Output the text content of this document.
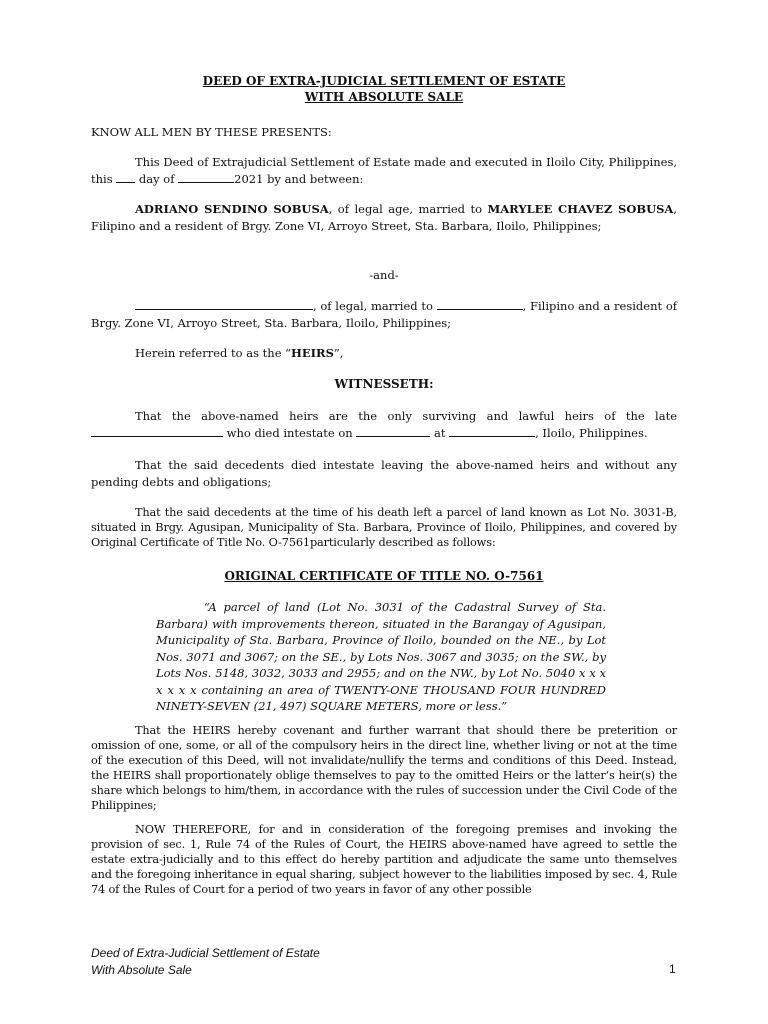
DEED OF EXTRA-JUDICIAL SETTLEMENT OF ESTATE
WITH ABSOLUTE SALE
KNOW ALL MEN BY THESE PRESENTS:
This Deed of Extrajudicial Settlement of Estate made and executed in Iloilo City, Philippines, this  day of	2021 by and between:
ADRIANO SENDINO SOBUSA, of legal age, married to MARYLEE CHAVEZ SOBUSA, Filipino and a resident of Brgy. Zone VI, Arroyo Street, Sta. Barbara, Iloilo, Philippines;
-and-
, of legal, married to	, Filipino and a resident of Brgy. Zone VI, Arroyo Street, Sta. Barbara, Iloilo, Philippines;
Herein referred to as the “HEIRS”,
WITNESSETH:
That the above-named heirs are the only surviving and lawful heirs of the late  who died intestate on	at	, Iloilo, Philippines.
That the said decedents died intestate leaving the above-named heirs and without any pending debts and obligations;
That the said decedents at the time of his death left a parcel of land known as Lot No. 3031-B, situated in Brgy. Agusipan, Municipality of Sta. Barbara, Province of Iloilo, Philippines, and covered by Original Certificate of Title No. O-7561particularly described as follows:
ORIGINAL CERTIFICATE OF TITLE NO. O-7561
“A parcel of land (Lot No. 3031 of the Cadastral Survey of Sta. Barbara) with improvements thereon, situated in the Barangay of Agusipan, Municipality of Sta. Barbara, Province of Iloilo, bounded on the NE., by Lot Nos. 3071 and 3067; on the SE., by Lots Nos. 3067 and 3035; on the SW., by Lots Nos. 5148, 3032, 3033 and 2955; and on the NW., by Lot No. 5040 x x x x x x x containing an area of TWENTY-ONE THOUSAND FOUR HUNDRED NINETY-SEVEN (21, 497) SQUARE METERS, more or less.”
That the HEIRS hereby covenant and further warrant that should there be preterition or omission of one, some, or all of the compulsory heirs in the direct line, whether living or not at the time of the execution of this Deed, will not invalidate/nullify the terms and conditions of this Deed. Instead, the HEIRS shall proportionately oblige themselves to pay to the omitted Heirs or the latter’s heir(s) the share which belongs to him/them, in accordance with the rules of succession under the Civil Code of the Philippines;
NOW THEREFORE, for and in consideration of the foregoing premises and invoking the provision of sec. 1, Rule 74 of the Rules of Court, the HEIRS above-named have agreed to settle the estate extra-judicially and to this effect do hereby partition and adjudicate the same unto themselves and the foregoing inheritance in equal sharing, subject however to the liabilities imposed by sec. 4, Rule 74 of the Rules of Court for a period of two years in favor of any other possible
Deed of Extra-Judicial Settlement of Estate
With Absolute Sale	1
